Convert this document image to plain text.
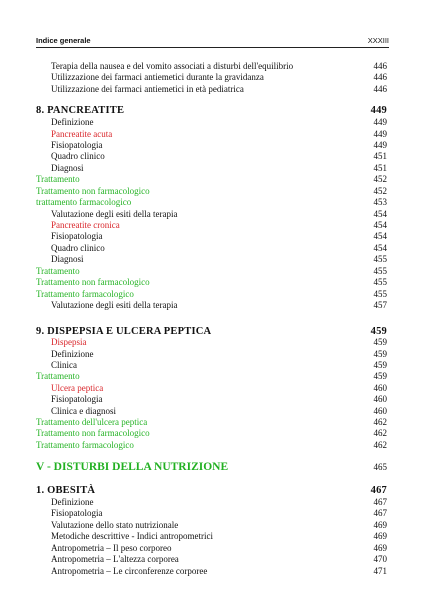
Indice generale	XXXIII
Terapia della nausea e del vomito associati a disturbi dell'equilibrio	446
Utilizzazione dei farmaci antiemetici durante la gravidanza	446
Utilizzazione dei farmaci antiemetici in età pediatrica	446
8. PANCREATITE	449
Definizione	449
Pancreatite acuta	449
Fisiopatologia	449
Quadro clinico	451
Diagnosi	451
Trattamento	452
Trattamento non farmacologico	452
trattamento farmacologico	453
Valutazione degli esiti della terapia	454
Pancreatite cronica	454
Fisiopatologia	454
Quadro clinico	454
Diagnosi	455
Trattamento	455
Trattamento non farmacologico	455
Trattamento farmacologico	455
Valutazione degli esiti della terapia	457
9. DISPEPSIA E ULCERA PEPTICA	459
Dispepsia	459
Definizione	459
Clinica	459
Trattamento	459
Ulcera peptica	460
Fisiopatologia	460
Clinica e diagnosi	460
Trattamento dell'ulcera peptica	462
Trattamento non farmacologico	462
Trattamento farmacologico	462
V - DISTURBI DELLA NUTRIZIONE	465
1. OBESITÀ	467
Definizione	467
Fisiopatologia	467
Valutazione dello stato nutrizionale	469
Metodiche descrittive - Indici antropometrici	469
Antropometria – Il peso corporeo	469
Antropometria – L'altezza corporea	470
Antropometria – Le circonferenze corporee	471
